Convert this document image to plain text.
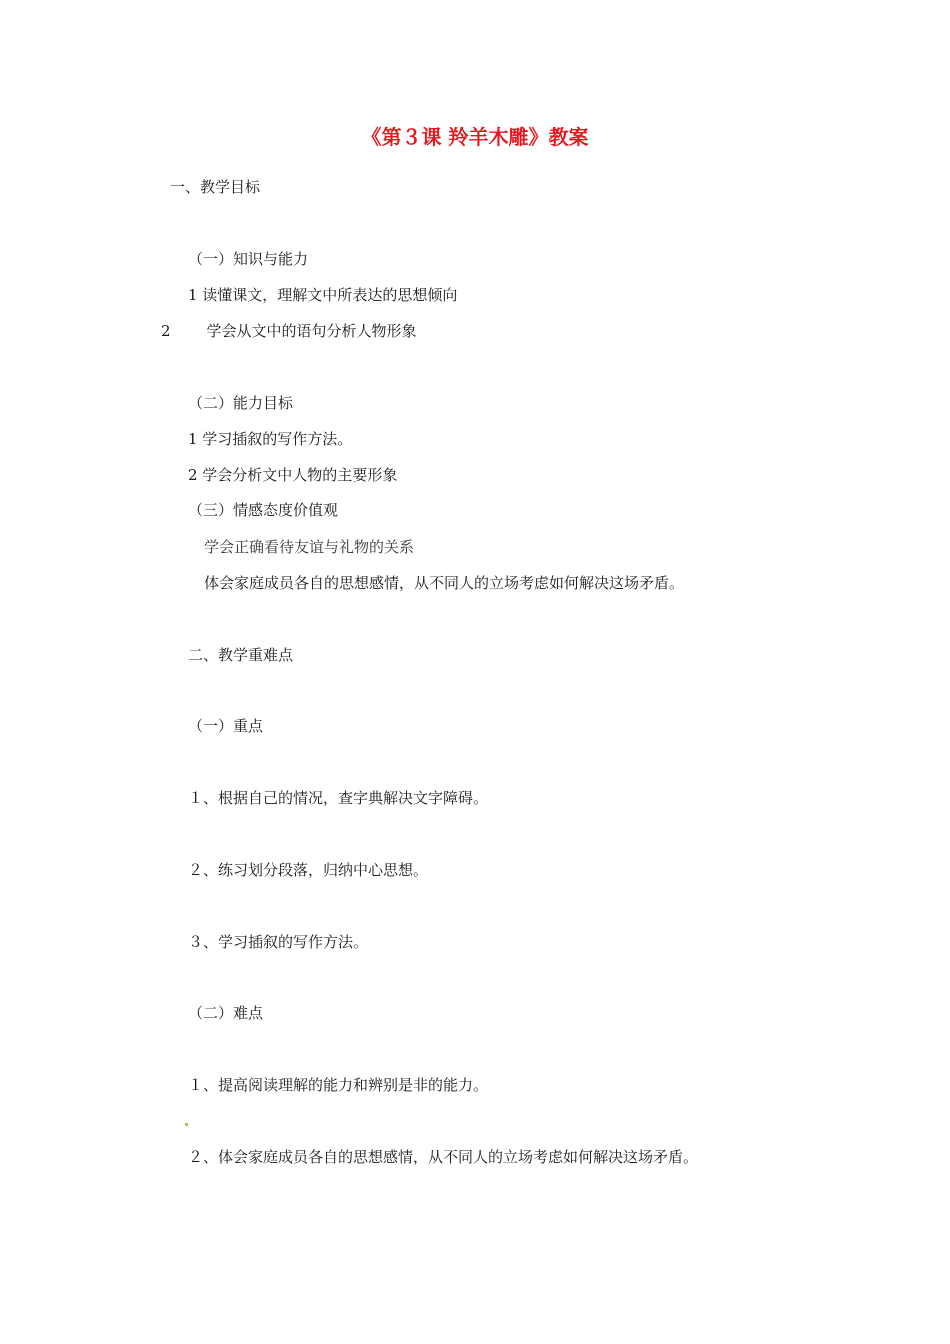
《第３课 羚羊木雕》教案
一、教学目标
（一）知识与能力
1 读懂课文，理解文中所表达的思想倾向
2 学会从文中的语句分析人物形象
（二）能力目标
1 学习插叙的写作方法。
2 学会分析文中人物的主要形象
（三）情感态度价值观
学会正确看待友谊与礼物的关系
体会家庭成员各自的思想感情，从不同人的立场考虑如何解决这场矛盾。
二、教学重难点
（一）重点
１、根据自己的情况，查字典解决文字障碍。
２、练习划分段落，归纳中心思想。
３、学习插叙的写作方法。
（二）难点
１、提高阅读理解的能力和辨别是非的能力。
２、体会家庭成员各自的思想感情，从不同人的立场考虑如何解决这场矛盾。
